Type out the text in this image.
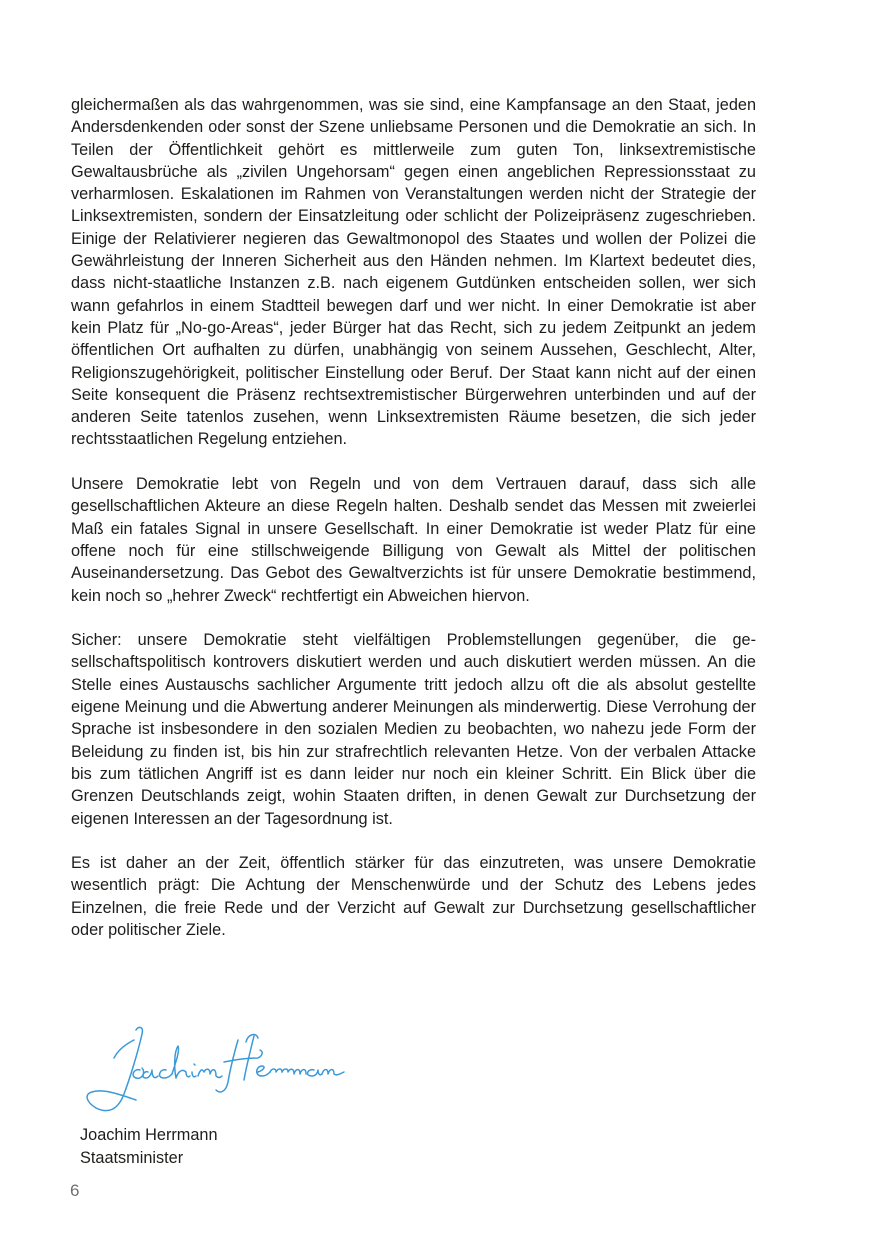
gleichermaßen als das wahrgenommen, was sie sind, eine Kampfansage an den Staat, jeden Andersdenkenden oder sonst der Szene unliebsame Personen und die Demokratie an sich. In Teilen der Öffentlichkeit gehört es mittlerweile zum guten Ton, linksextremistische Gewaltausbrüche als „zivilen Ungehorsam“ gegen einen angeblichen Repressionsstaat zu verharmlosen. Eskalationen im Rahmen von Veranstaltungen werden nicht der Strategie der Linksextremisten, sondern der Einsatzleitung oder schlicht der Polizeipräsenz zugeschrieben. Einige der Relativierer negieren das Gewaltmonopol des Staates und wollen der Polizei die Gewährleistung der Inneren Sicherheit aus den Händen nehmen. Im Klartext bedeutet dies, dass nicht-staatliche Instanzen z.B. nach eigenem Gutdünken entscheiden sollen, wer sich wann gefahrlos in einem Stadtteil bewegen darf und wer nicht. In einer Demokratie ist aber kein Platz für „No-go-Areas“, jeder Bürger hat das Recht, sich zu jedem Zeitpunkt an jedem öffentlichen Ort aufhalten zu dürfen, unabhängig von seinem Aussehen, Geschlecht, Alter, Religionszugehörigkeit, politischer Einstellung oder Beruf. Der Staat kann nicht auf der einen Seite konsequent die Präsenz rechtsextremistischer Bürgerwehren unterbinden und auf der anderen Seite tatenlos zusehen, wenn Linksextremisten Räume besetzen, die sich jeder rechtsstaatlichen Regelung entziehen.

Unsere Demokratie lebt von Regeln und von dem Vertrauen darauf, dass sich alle gesellschaftlichen Akteure an diese Regeln halten. Deshalb sendet das Messen mit zweierlei Maß ein fatales Signal in unsere Gesellschaft. In einer Demokratie ist weder Platz für eine offene noch für eine stillschweigende Billigung von Gewalt als Mittel der politischen Auseinandersetzung. Das Gebot des Gewaltverzichts ist für unsere Demokratie bestimmend, kein noch so „hehrer Zweck“ rechtfertigt ein Abweichen hiervon.

Sicher: unsere Demokratie steht vielfältigen Problemstellungen gegenüber, die gesellschaftspolitisch kontrovers diskutiert werden und auch diskutiert werden müssen. An die Stelle eines Austauschs sachlicher Argumente tritt jedoch allzu oft die als absolut gestellte eigene Meinung und die Abwertung anderer Meinungen als minderwertig. Diese Verrohung der Sprache ist insbesondere in den sozialen Medien zu beobachten, wo nahezu jede Form der Beleidung zu finden ist, bis hin zur strafrechtlich relevanten Hetze. Von der verbalen Attacke bis zum tätlichen Angriff ist es dann leider nur noch ein kleiner Schritt. Ein Blick über die Grenzen Deutschlands zeigt, wohin Staaten driften, in denen Gewalt zur Durchsetzung der eigenen Interessen an der Tagesordnung ist.

Es ist daher an der Zeit, öffentlich stärker für das einzutreten, was unsere Demokratie wesentlich prägt: Die Achtung der Menschenwürde und der Schutz des Lebens jedes Einzelnen, die freie Rede und der Verzicht auf Gewalt zur Durchsetzung gesellschaftlicher oder politischer Ziele.

Joachim Herrmann
Staatsminister
6
